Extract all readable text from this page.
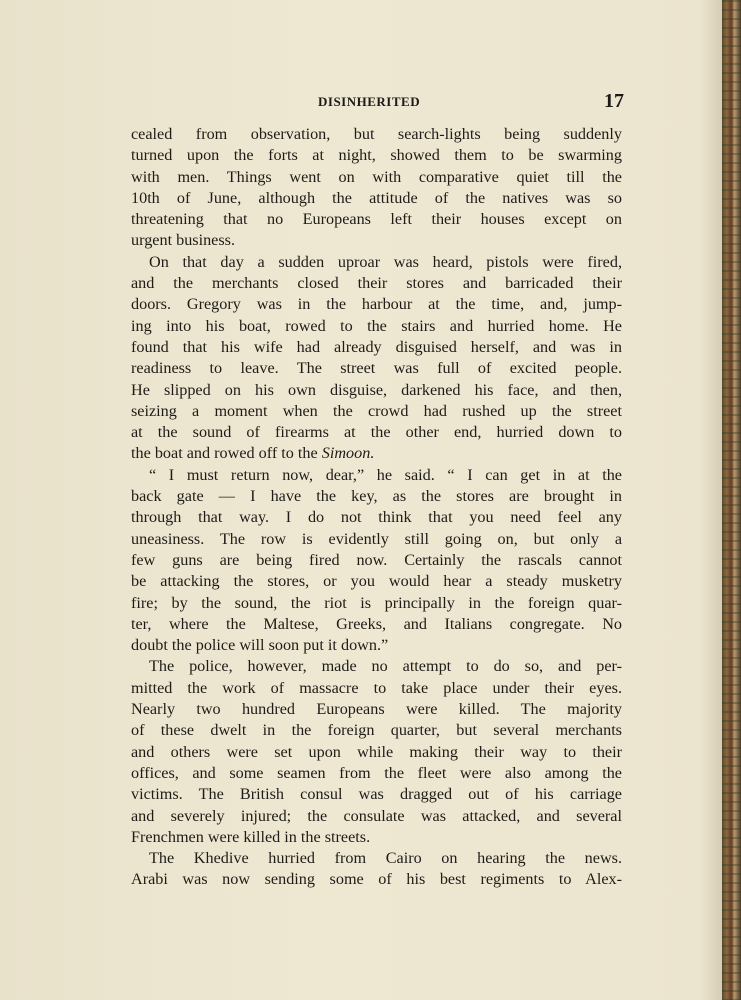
DISINHERITED	17
cealed from observation, but search-lights being suddenly
turned upon the forts at night, showed them to be swarming
with men. Things went on with comparative quiet till the
10th of June, although the attitude of the natives was so
threatening that no Europeans left their houses except on
urgent business.
On that day a sudden uproar was heard, pistols were fired,
and the merchants closed their stores and barricaded their
doors. Gregory was in the harbour at the time, and, jump-
ing into his boat, rowed to the stairs and hurried home. He
found that his wife had already disguised herself, and was in
readiness to leave. The street was full of excited people.
He slipped on his own disguise, darkened his face, and then,
seizing a moment when the crowd had rushed up the street
at the sound of firearms at the other end, hurried down to
the boat and rowed off to the Simoon.
“ I must return now, dear,” he said. “ I can get in at the
back gate — I have the key, as the stores are brought in
through that way. I do not think that you need feel any
uneasiness. The row is evidently still going on, but only a
few guns are being fired now. Certainly the rascals cannot
be attacking the stores, or you would hear a steady musketry
fire; by the sound, the riot is principally in the foreign quar-
ter, where the Maltese, Greeks, and Italians congregate. No
doubt the police will soon put it down.”
The police, however, made no attempt to do so, and per-
mitted the work of massacre to take place under their eyes.
Nearly two hundred Europeans were killed. The majority
of these dwelt in the foreign quarter, but several merchants
and others were set upon while making their way to their
offices, and some seamen from the fleet were also among the
victims. The British consul was dragged out of his carriage
and severely injured; the consulate was attacked, and several
Frenchmen were killed in the streets.
The Khedive hurried from Cairo on hearing the news.
Arabi was now sending some of his best regiments to Alex-
